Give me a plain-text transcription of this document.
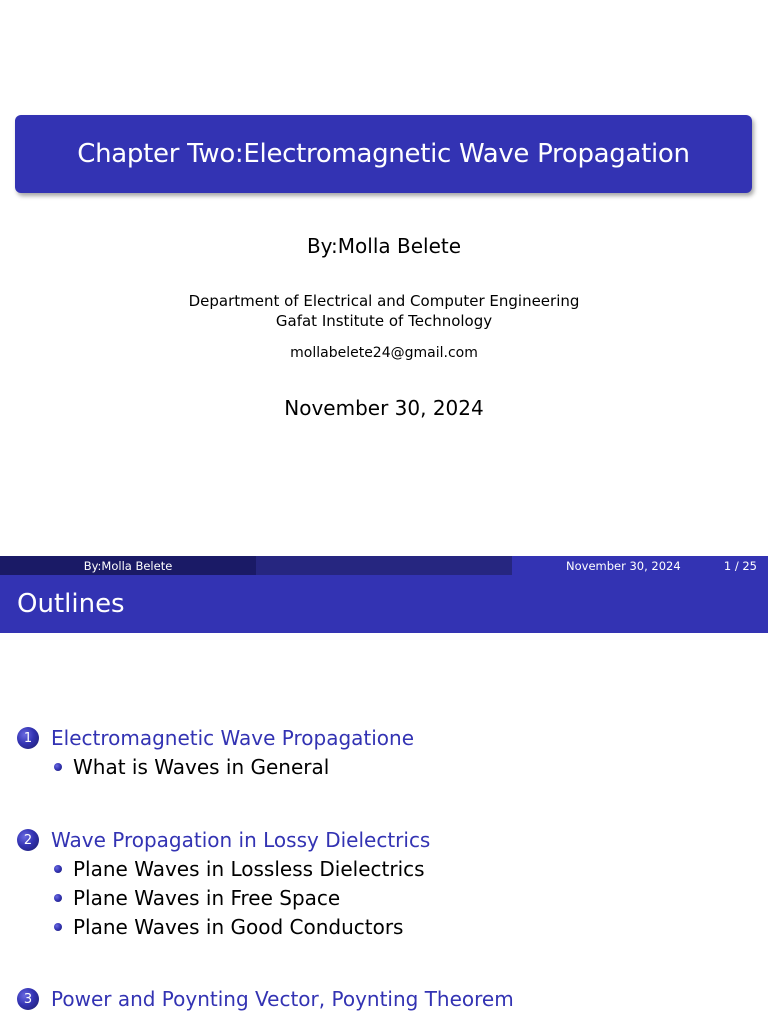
Chapter Two:Electromagnetic Wave Propagation
By:Molla Belete
Department of Electrical and Computer Engineering
Gafat Institute of Technology
mollabelete24@gmail.com
November 30, 2024
By:Molla Belete	November 30, 2024	1 / 25
Outlines
1 Electromagnetic Wave Propagatione
What is Waves in General
2 Wave Propagation in Lossy Dielectrics
Plane Waves in Lossless Dielectrics
Plane Waves in Free Space
Plane Waves in Good Conductors
3 Power and Poynting Vector, Poynting Theorem
